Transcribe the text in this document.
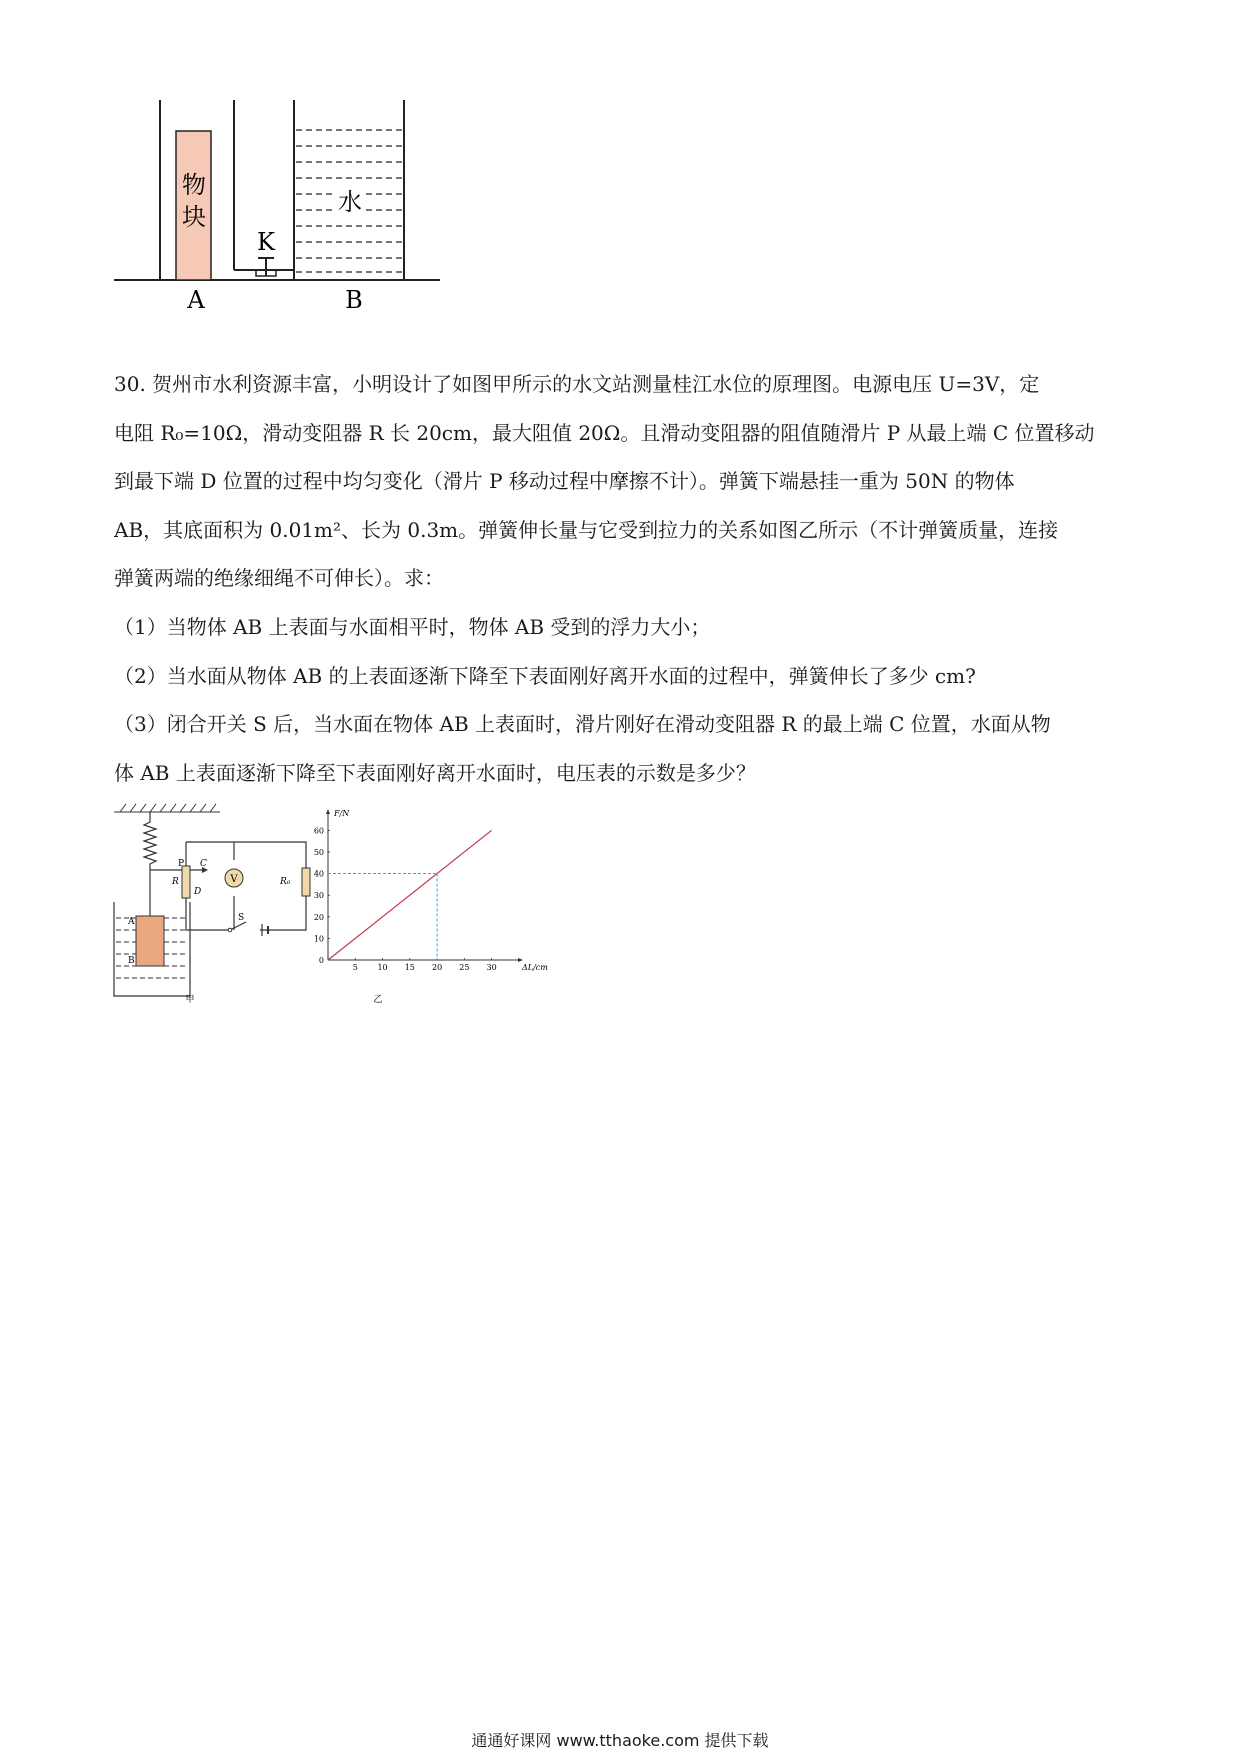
物
块
K
水
A	B

30. 贺州市水利资源丰富，小明设计了如图甲所示的水文站测量桂江水位的原理图。电源电压 U=3V，定

电阻 R₀=10Ω，滑动变阻器 R 长 20cm，最大阻值 20Ω。且滑动变阻器的阻值随滑片 P 从最上端 C 位置移动

到最下端 D 位置的过程中均匀变化（滑片 P 移动过程中摩擦不计）。弹簧下端悬挂一重为 50N 的物体

AB，其底面积为 0.01m²、长为 0.3m。弹簧伸长量与它受到拉力的关系如图乙所示（不计弹簧质量，连接

弹簧两端的绝缘细绳不可伸长）。求：

（1）当物体 AB 上表面与水面相平时，物体 AB 受到的浮力大小；

（2）当水面从物体 AB 的上表面逐渐下降至下表面刚好离开水面的过程中，弹簧伸长了多少 cm?

（3）闭合开关 S 后，当水面在物体 AB 上表面时，滑片刚好在滑动变阻器 R 的最上端 C 位置，水面从物

体 AB 上表面逐渐下降至下表面刚好离开水面时，电压表的示数是多少？

A
B
R
C
D
P
V	R₀
S
甲
5 10 15 20 25 30
0
10
20
30
40
50
60
F/N
ΔL/cm
乙
通通好课网 www.tthaoke.com 提供下载
